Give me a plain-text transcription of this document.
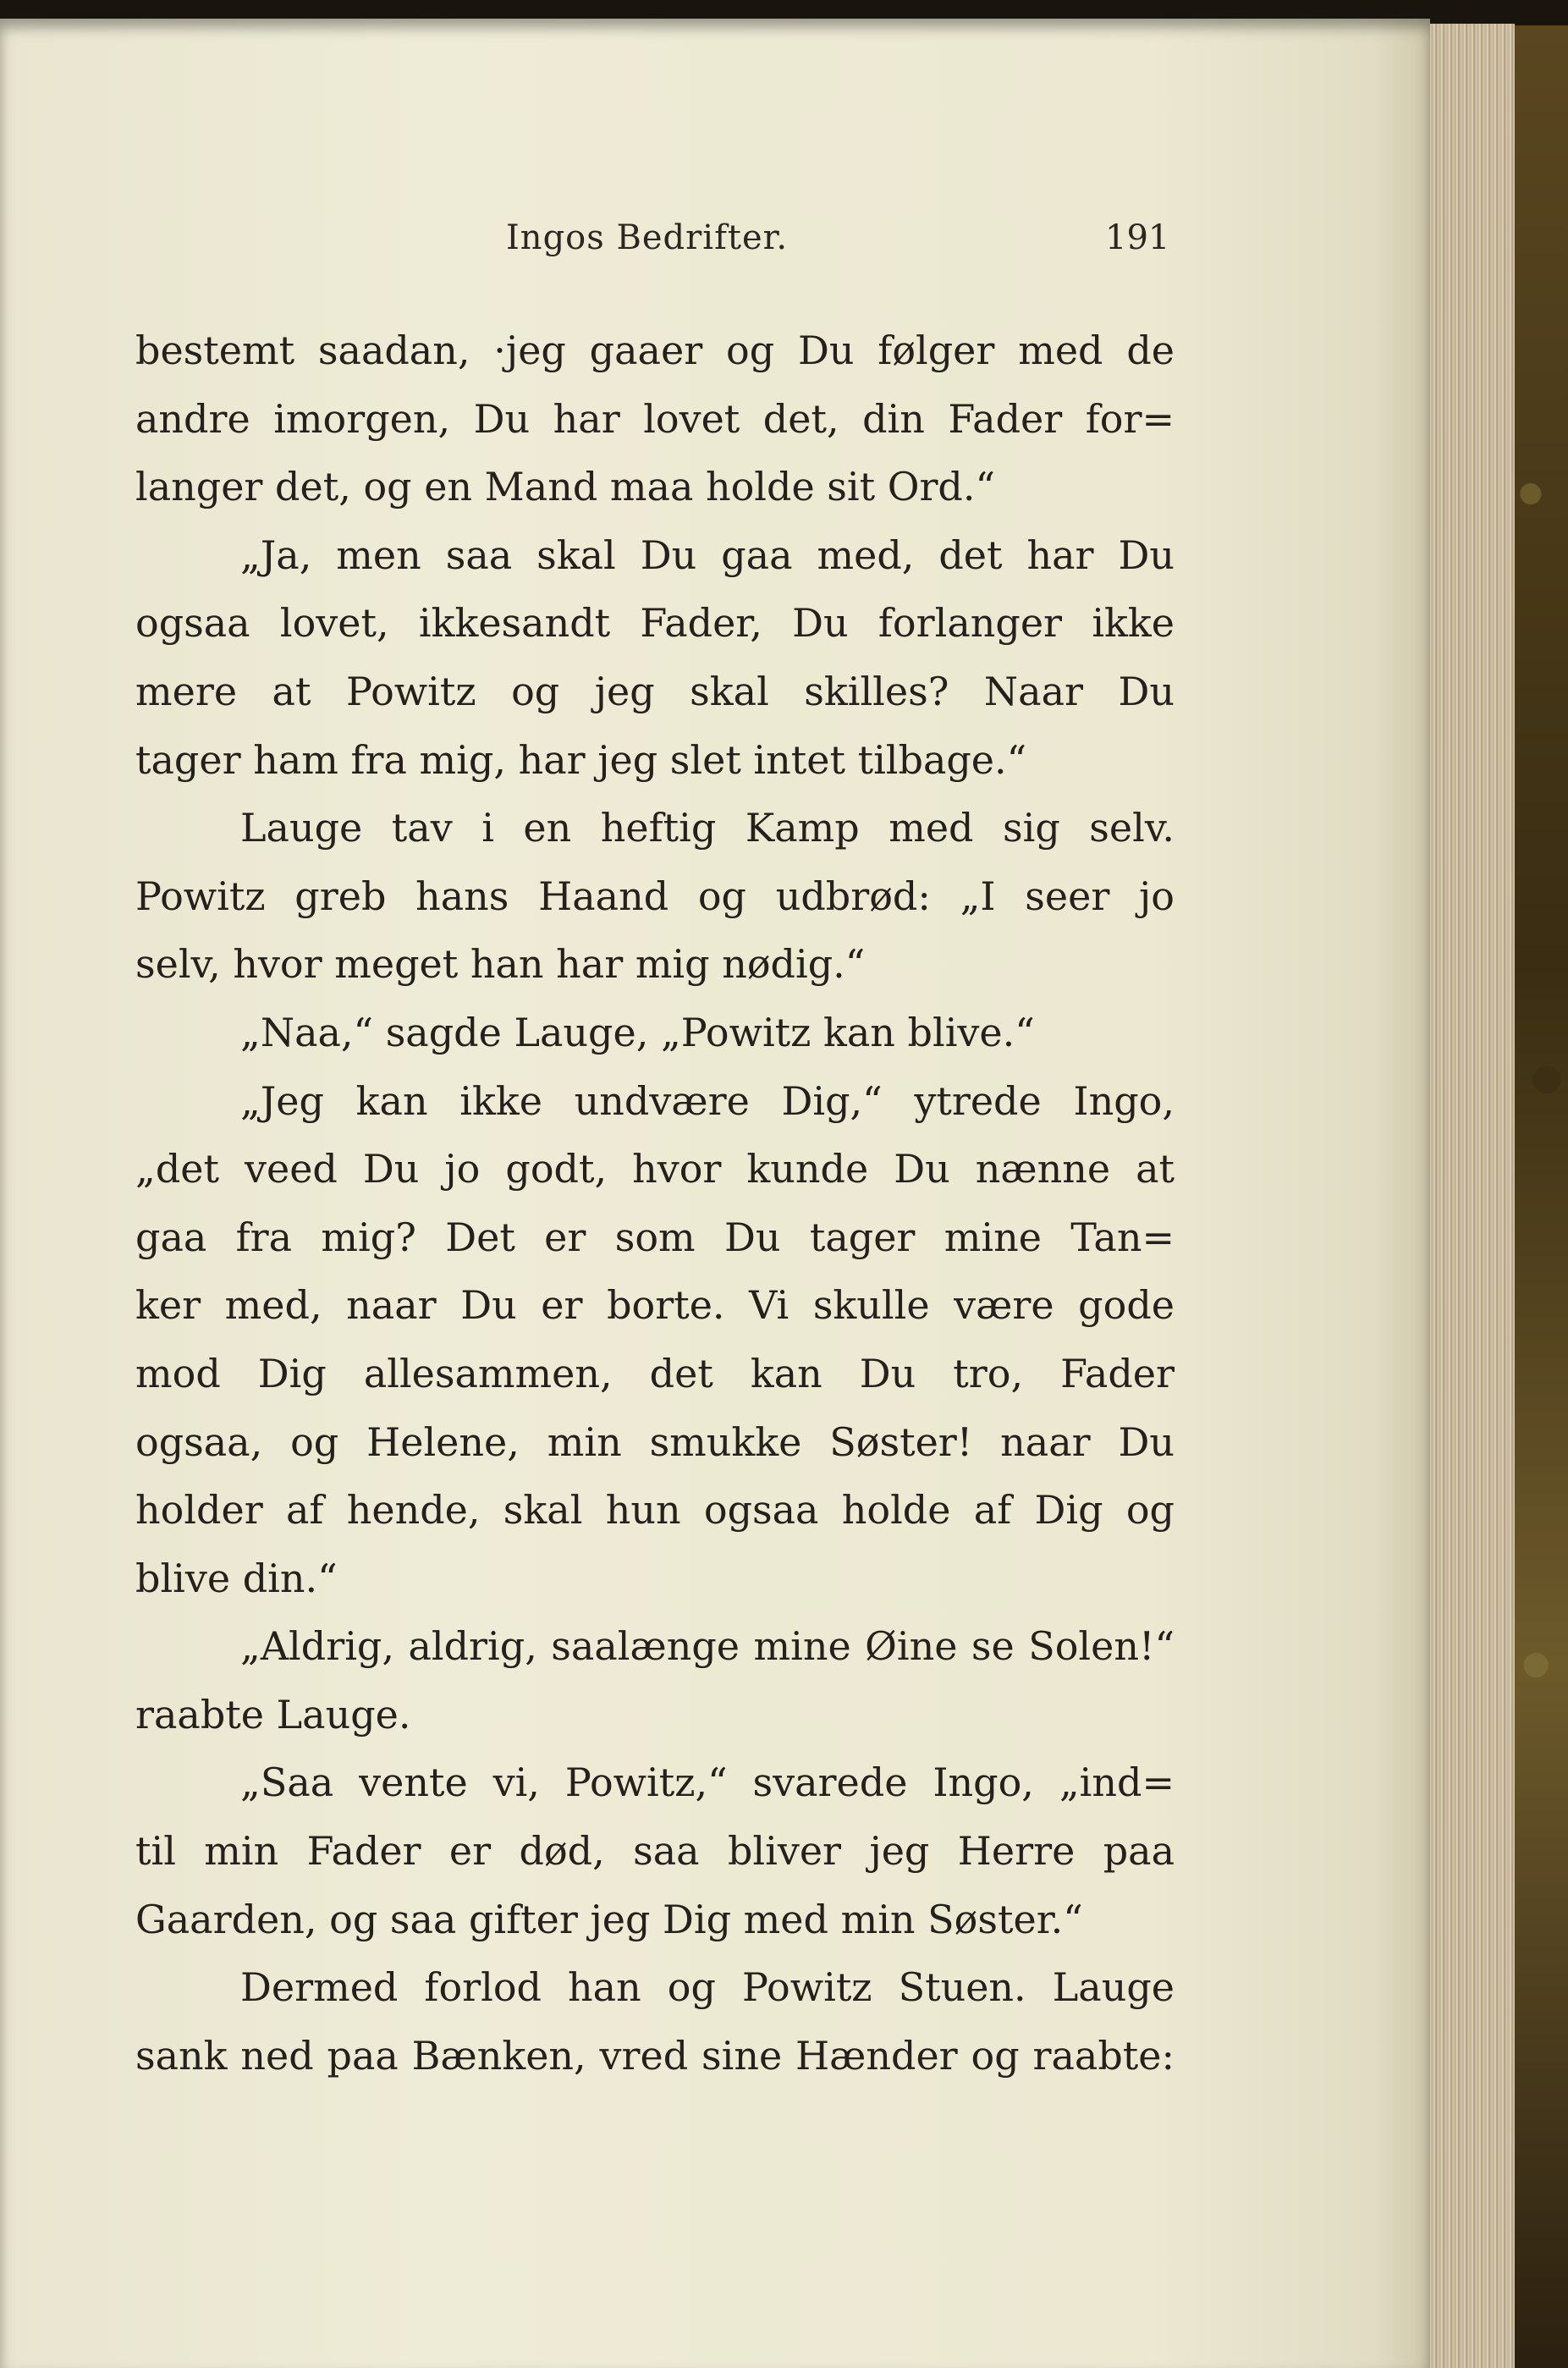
Ingos Bedrifter.	191
bestemt saadan, ·jeg gaaer og Du følger med de
andre imorgen, Du har lovet det, din Fader for=
langer det, og en Mand maa holde sit Ord.“
„Ja, men saa skal Du gaa med, det har Du
ogsaa lovet, ikkesandt Fader, Du forlanger ikke
mere at Powitz og jeg skal skilles? Naar Du
tager ham fra mig, har jeg slet intet tilbage.“
Lauge tav i en heftig Kamp med sig selv.
Powitz greb hans Haand og udbrød: „I seer jo
selv, hvor meget han har mig nødig.“
„Naa,“ sagde Lauge, „Powitz kan blive.“
„Jeg kan ikke undvære Dig,“ ytrede Ingo,
„det veed Du jo godt, hvor kunde Du nænne at
gaa fra mig? Det er som Du tager mine Tan=
ker med, naar Du er borte. Vi skulle være gode
mod Dig allesammen, det kan Du tro, Fader
ogsaa, og Helene, min smukke Søster! naar Du
holder af hende, skal hun ogsaa holde af Dig og
blive din.“
„Aldrig, aldrig, saalænge mine Øine se Solen!“
raabte Lauge.
„Saa vente vi, Powitz,“ svarede Ingo, „ind=
til min Fader er død, saa bliver jeg Herre paa
Gaarden, og saa gifter jeg Dig med min Søster.“
Dermed forlod han og Powitz Stuen. Lauge
sank ned paa Bænken, vred sine Hænder og raabte:
